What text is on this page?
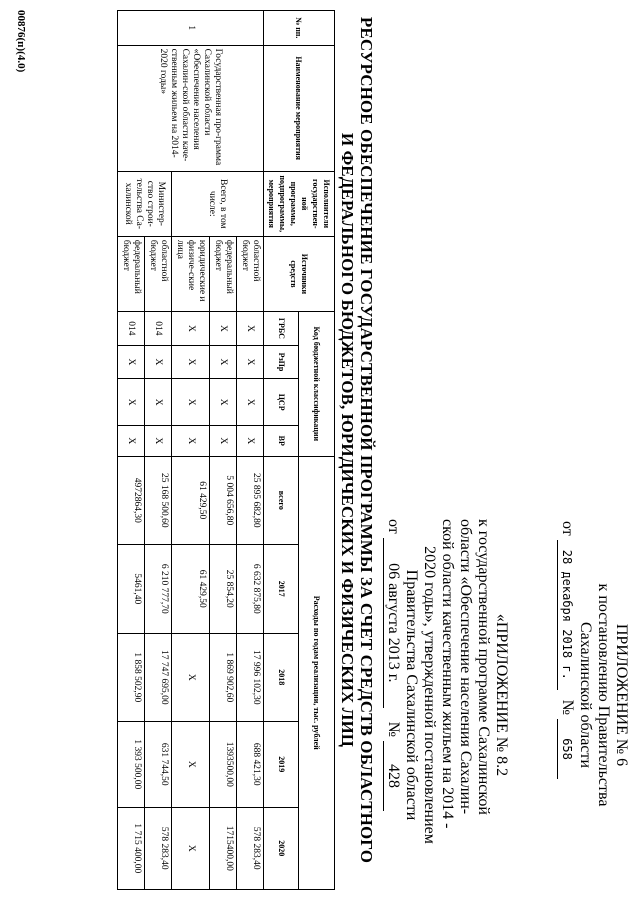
ПРИЛОЖЕНИЕ № 6
к постановлению Правительства
Сахалинской области
от 28 декабря 2018 г. № 658
«ПРИЛОЖЕНИЕ № 8.2
к государственной программе Сахалинской
области «Обеспечение населения Сахалин-
ской области качественным жильем на 2014 -
2020 годы», утвержденной постановлением
Правительства Сахалинской области
от 06 августа 2013 г. № 428
РЕСУРСНОЕ ОБЕСПЕЧЕНИЕ ГОСУДАРСТВЕННОЙ ПРОГРАММЫ ЗА СЧЕТ СРЕДСТВ ОБЛАСТНОГО
И ФЕДЕРАЛЬНОГО БЮДЖЕТОВ, ЮРИДИЧЕСКИХ И ФИЗИЧЕСКИХ ЛИЦ
№ пп.	Наименование мероприятия	Исполнители государствен-ной программы, подпрограммы, мероприятия	Источники средств	Код бюджетной классификации				Расходы по годам реализации, тыс. рублей				
				ГРБС	РзПр	ЦСР	ВР	всего	2017	2018	2019	2020
1	Государственная про-грамма Сахалинской области «Обеспечение населения Сахалин-ской области каче-ственным жильем на 2014-2020 годы»	Всего, в том числе:	областной бюджет	Х	Х	Х	Х	25 895 682,80	6 632 875,80	17 996 102,30	688 421,30	578 283,40
			федеральный бюджет	Х	Х	Х	Х	5 004 656,80	25 854,20	1 869 902,60	1393500,00	1715400,00
			юридические и физиче-ские лица	Х	Х	Х	Х	61 429,50	61 429,50	Х	Х	Х
		Министер-ство строи-тельства Са-халинской	областной бюджет	014	Х	Х	Х	25 168 500,60	6 210 777,70	17 747 695,00	631 744,50	578 283,40
			федеральный бюджет	014	Х	Х	Х	4972864,30	5461,40	1 858 502,90	1 393 500,00	1 715 400,00
00876(п)(4.0)
